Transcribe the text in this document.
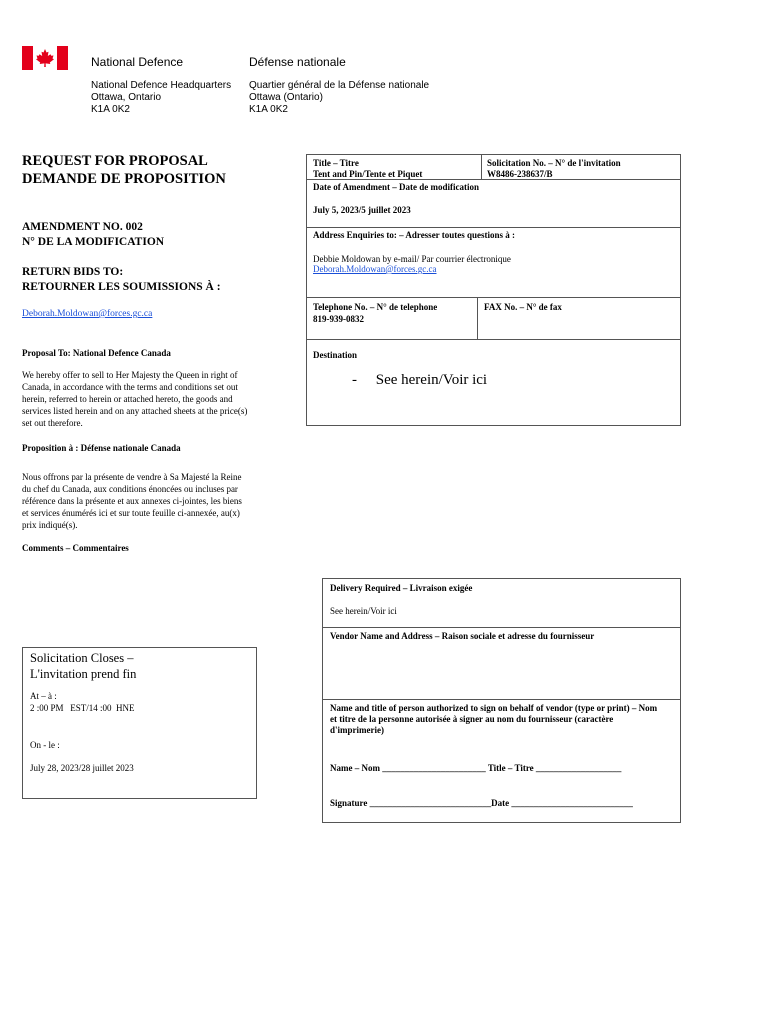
National Defence	Défense nationale
National Defence Headquarters
Ottawa, Ontario
K1A 0K2
Quartier général de la Défense nationale
Ottawa (Ontario)
K1A 0K2
REQUEST FOR PROPOSAL
DEMANDE DE PROPOSITION
AMENDMENT NO. 002
N° DE LA MODIFICATION
RETURN BIDS TO:
RETOURNER LES SOUMISSIONS À :
Deborah.Moldowan@forces.gc.ca
Proposal To: National Defence Canada
We hereby offer to sell to Her Majesty the Queen in right of Canada, in accordance with the terms and conditions set out herein, referred to herein or attached hereto, the goods and services listed herein and on any attached sheets at the price(s) set out therefore.
Proposition à : Défense nationale Canada
Nous offrons par la présente de vendre à Sa Majesté la Reine du chef du Canada, aux conditions énoncées ou incluses par référence dans la présente et aux annexes ci-jointes, les biens et services énumérés ici et sur toute feuille ci-annexée, au(x) prix indiqué(s).
Comments – Commentaires
Title – Titre
Tent and Pin/Tente et Piquet
Solicitation No. – N° de l'invitation
W8486-238637/B
Date of Amendment – Date de modification
July 5, 2023/5 juillet 2023
Address Enquiries to: – Adresser toutes questions à :
Debbie Moldowan by e-mail/ Par courrier électronique
Deborah.Moldowan@forces.gc.ca
Telephone No. – N° de telephone
819-939-0832
FAX No. – N° de fax
Destination
-     See herein/Voir ici
Delivery Required – Livraison exigée
See herein/Voir ici
Vendor Name and Address – Raison sociale et adresse du fournisseur
Name and title of person authorized to sign on behalf of vendor (type or print) – Nom et titre de la personne autorisée à signer au nom du fournisseur (caractère d'imprimerie)
Name – Nom _______________________ Title – Titre ___________________
Signature ___________________________Date ___________________________
Solicitation Closes –
L'invitation prend fin
At – à :
2 :00 PM   EST/14 :00  HNE
On - le :
July 28, 2023/28 juillet 2023
